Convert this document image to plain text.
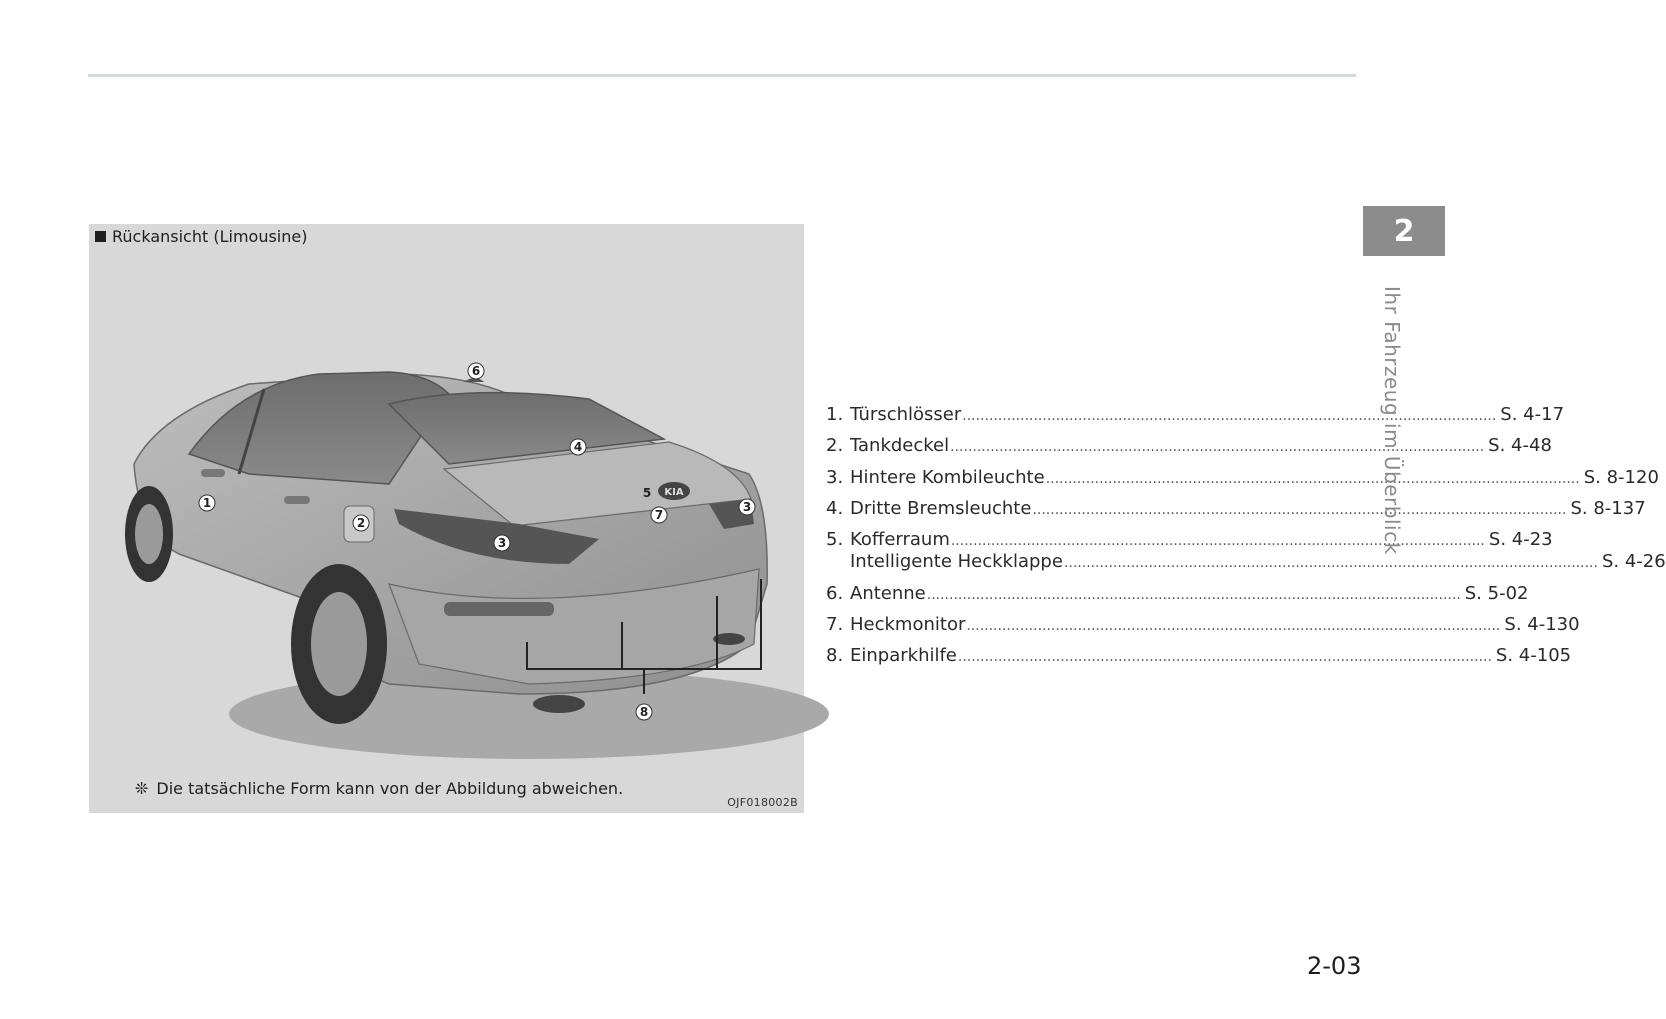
Rückansicht (Limousine)
KIA
1
2
3
3
4
5
6
7
8
❊ Die tatsächliche Form kann von der Abbildung abweichen.
OJF018002B
1. Türschlösser ........................................................................................................................ S. 4-17
2. Tankdeckel ........................................................................................................................ S. 4-48
3. Hintere Kombileuchte ........................................................................................................................ S. 8-120
4. Dritte Bremsleuchte ........................................................................................................................ S. 8-137
5. Kofferraum ........................................................................................................................ S. 4-23
Intelligente Heckklappe ........................................................................................................................ S. 4-26
6. Antenne ........................................................................................................................ S. 5-02
7. Heckmonitor ........................................................................................................................ S. 4-130
8. Einparkhilfe ........................................................................................................................ S. 4-105
2
Ihr Fahrzeug im Überblick
2-03
